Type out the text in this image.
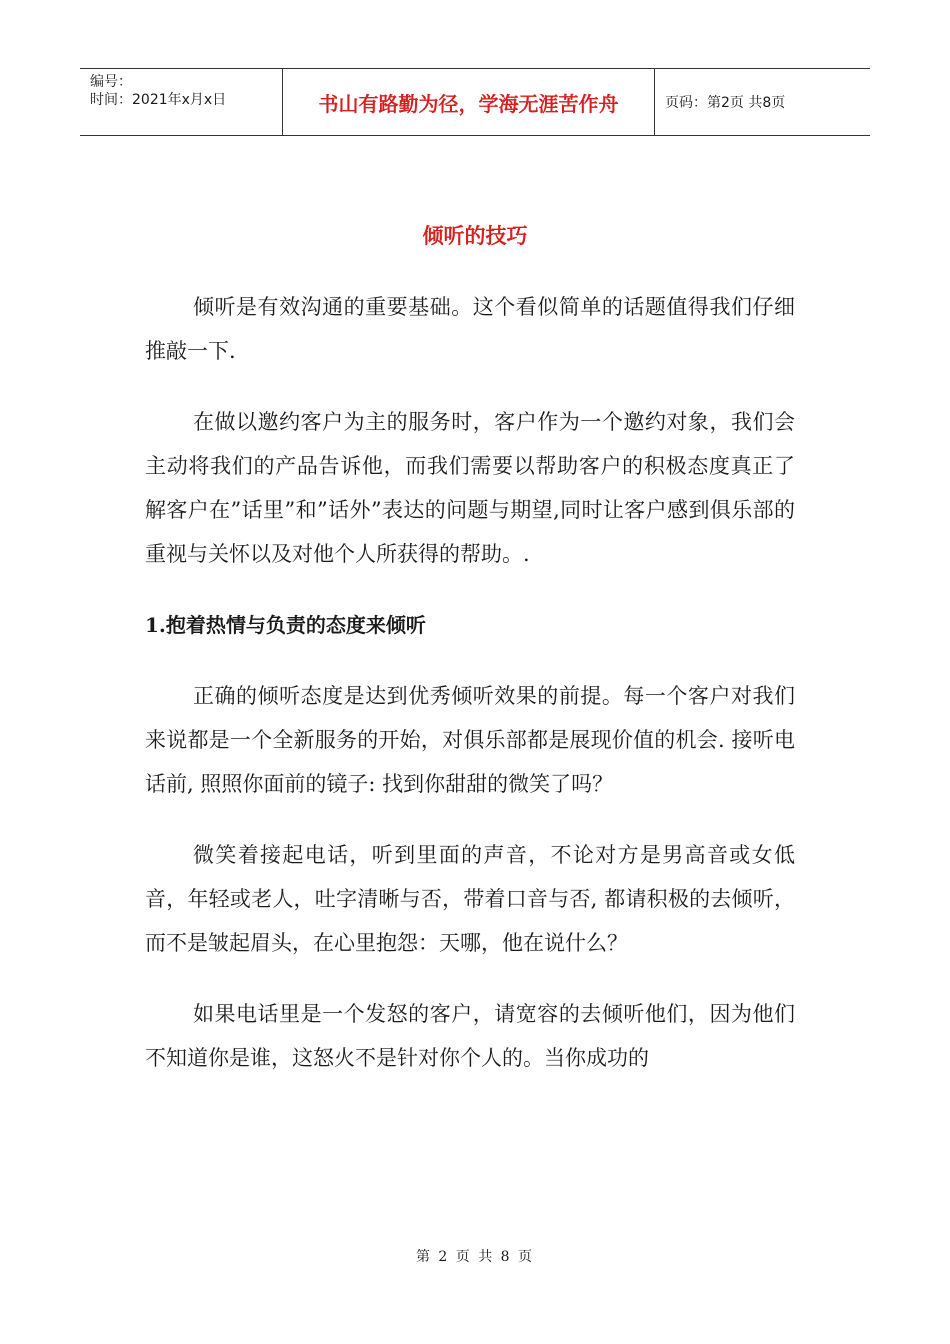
编号：
时间：2021年x月x日	书山有路勤为径，学海无涯苦作舟	页码：第2页 共8页
倾听的技巧

倾听是有效沟通的重要基础。这个看似简单的话题值得我们仔细推敲一下.

在做以邀约客户为主的服务时，客户作为一个邀约对象，我们会主动将我们的产品告诉他，而我们需要以帮助客户的积极态度真正了解客户在”话里”和”话外”表达的问题与期望,同时让客户感到俱乐部的重视与关怀以及对他个人所获得的帮助。.

1.抱着热情与负责的态度来倾听

正确的倾听态度是达到优秀倾听效果的前提。每一个客户对我们来说都是一个全新服务的开始，对俱乐部都是展现价值的机会. 接听电话前, 照照你面前的镜子: 找到你甜甜的微笑了吗？

微笑着接起电话，听到里面的声音，不论对方是男高音或女低音，年轻或老人，吐字清晰与否，带着口音与否, 都请积极的去倾听，而不是皱起眉头，在心里抱怨：天哪，他在说什么？

如果电话里是一个发怒的客户，请宽容的去倾听他们，因为他们不知道你是谁，这怒火不是针对你个人的。当你成功的

第 2 页 共 8 页
